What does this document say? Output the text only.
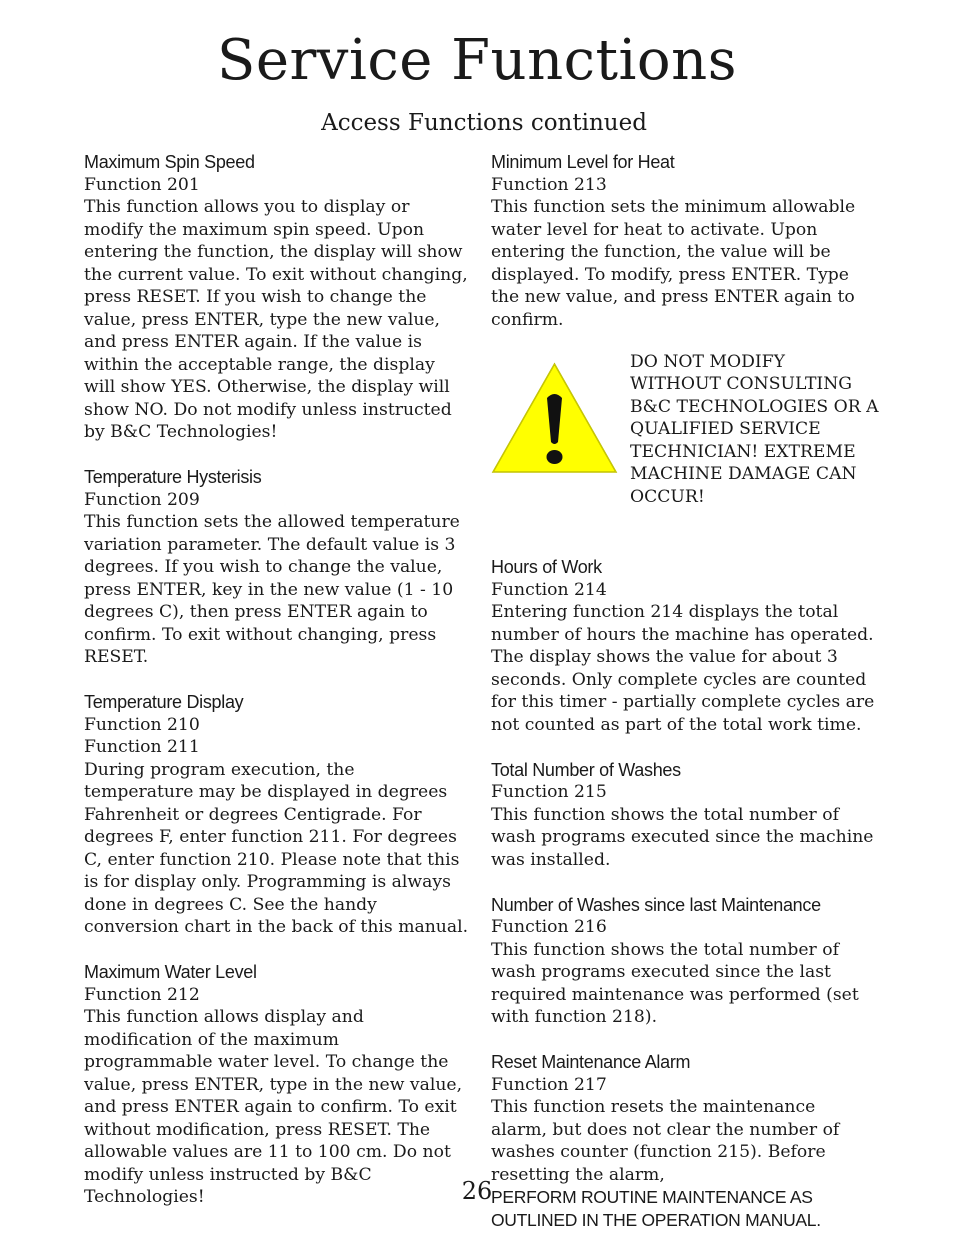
Service Functions
Access Functions continued
Maximum Spin Speed
Function 201
This function allows you to display or modify the maximum spin speed. Upon entering the function, the display will show the current value. To exit without changing, press RESET. If you wish to change the value, press ENTER, type the new value, and press ENTER again. If the value is within the acceptable range, the display will show YES. Otherwise, the display will show NO. Do not modify unless instructed by B&C Technologies!
Temperature Hysterisis
Function 209
This function sets the allowed temperature variation parameter. The default value is 3 degrees. If you wish to change the value, press ENTER, key in the new value (1 - 10 degrees C), then press ENTER again to confirm. To exit without changing, press RESET.
Temperature Display
Function 210
Function 211
During program execution, the temperature may be displayed in degrees Fahrenheit or degrees Centigrade. For degrees F, enter function 211. For degrees C, enter function 210. Please note that this is for display only. Programming is always done in degrees C. See the handy conversion chart in the back of this manual.
Maximum Water Level
Function 212
This function allows display and modification of the maximum programmable water level. To change the value, press ENTER, type in the new value, and press ENTER again to confirm. To exit without modification, press RESET. The allowable values are 11 to 100 cm. Do not modify unless instructed by B&C Technologies!
Minimum Level for Heat
Function 213
This function sets the minimum allowable water level for heat to activate. Upon entering the function, the value will be displayed. To modify, press ENTER. Type the new value, and press ENTER again to confirm.
DO NOT MODIFY WITHOUT CONSULTING B&C TECHNOLOGIES OR A QUALIFIED SERVICE TECHNICIAN! EXTREME MACHINE DAMAGE CAN OCCUR!
Hours of Work
Function 214
Entering function 214 displays the total number of hours the machine has operated. The display shows the value for about 3 seconds. Only complete cycles are counted for this timer - partially complete cycles are not counted as part of the total work time.
Total Number of Washes
Function 215
This function shows the total number of wash programs executed since the machine was installed.
Number of Washes since last Maintenance
Function 216
This function shows the total number of wash programs executed since the last required maintenance was performed (set with function 218).
Reset Maintenance Alarm
Function 217
This function resets the maintenance alarm, but does not clear the number of washes counter (function 215). Before resetting the alarm,
PERFORM ROUTINE MAINTENANCE AS OUTLINED IN THE OPERATION MANUAL.
26
